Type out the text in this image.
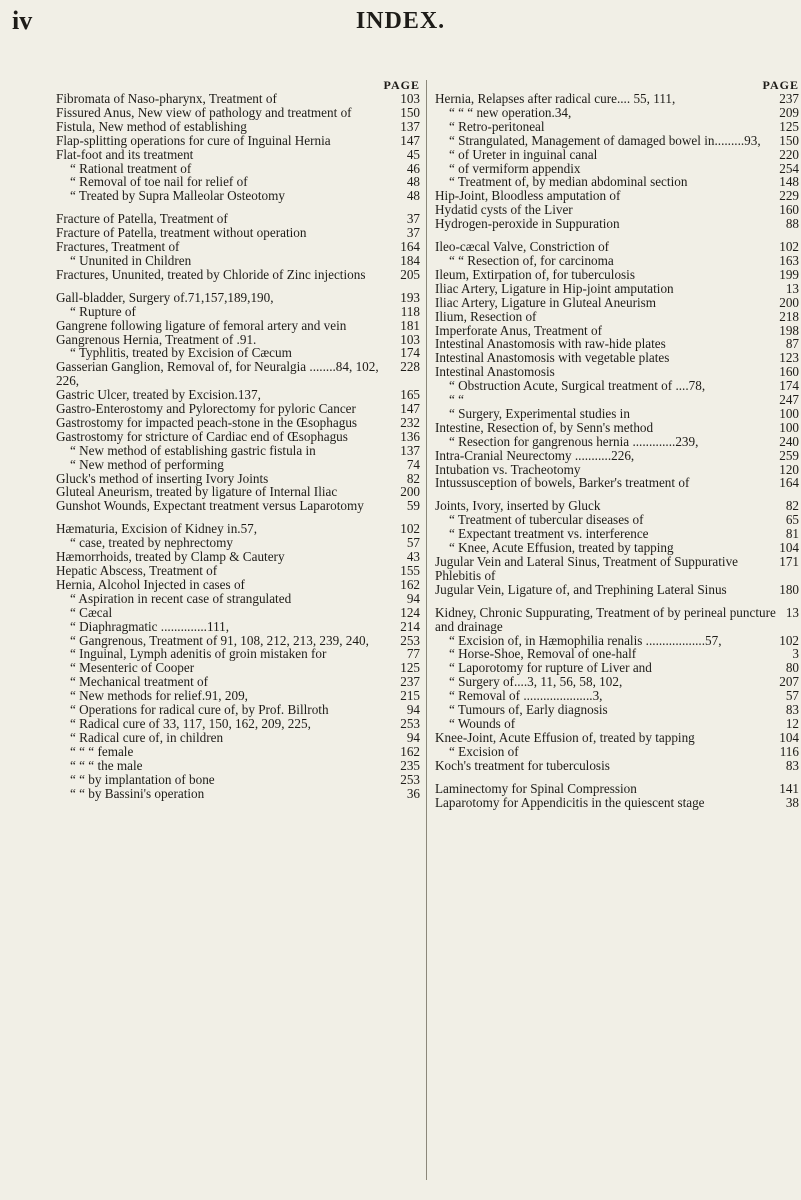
iv	INDEX.
PAGE
103
Fibromata of Naso-pharynx, Treatment of
150
Fissured Anus, New view of pathology and treatment of
137
Fistula, New method of establishing
147
Flap-splitting operations for cure of Inguinal Hernia
45
Flat-foot and its treatment
46
“ Rational treatment of
48
“ Removal of toe nail for relief of
48
“ Treated by Supra Malleolar Osteotomy
37
Fracture of Patella, Treatment of
37
Fracture of Patella, treatment without operation
164
Fractures, Treatment of
184
“ Ununited in Children
205
Fractures, Ununited, treated by Chloride of Zinc injections
193
Gall-bladder, Surgery of.71,157,189,190,
118
“ Rupture of
181
Gangrene following ligature of femoral artery and vein
103
Gangrenous Hernia, Treatment of .91.
174
“ Typhlitis, treated by Excision of Cæcum
228
Gasserian Ganglion, Removal of, for Neuralgia ........84, 102, 226,
165
Gastric Ulcer, treated by Excision.137,
147
Gastro-Enterostomy and Pylorectomy for pyloric Cancer
232
Gastrostomy for impacted peach-stone in the Œsophagus
136
Gastrostomy for stricture of Cardiac end of Œsophagus
137
“ New method of establishing gastric fistula in
74
“ New method of performing
82
Gluck's method of inserting Ivory Joints
200
Gluteal Aneurism, treated by ligature of Internal Iliac
59
Gunshot Wounds, Expectant treatment versus Laparotomy
102
Hæmaturia, Excision of Kidney in.57,
57
“ case, treated by nephrectomy
43
Hæmorrhoids, treated by Clamp & Cautery
155
Hepatic Abscess, Treatment of
162
Hernia, Alcohol Injected in cases of
94
“ Aspiration in recent case of strangulated
124
“ Cæcal
214
“ Diaphragmatic ..............111,
253
“ Gangrenous, Treatment of 91, 108, 212, 213, 239, 240,
77
“ Inguinal, Lymph adenitis of groin mistaken for
125
“ Mesenteric of Cooper
237
“ Mechanical treatment of
215
“ New methods for relief.91, 209,
94
“ Operations for radical cure of, by Prof. Billroth
253
“ Radical cure of 33, 117, 150, 162, 209, 225,
94
“ Radical cure of, in children
162
“ “ “ female
235
“ “ “ the male
253
“ “ by implantation of bone
36
“ “ by Bassini's operation
PAGE
237
Hernia, Relapses after radical cure.... 55, 111,
209
“ “ “ new operation.34,
125
“ Retro-peritoneal
150
“ Strangulated, Management of damaged bowel in.........93,
220
“ of Ureter in inguinal canal
254
“ of vermiform appendix
148
“ Treatment of, by median abdominal section
229
Hip-Joint, Bloodless amputation of
160
Hydatid cysts of the Liver
88
Hydrogen-peroxide in Suppuration
102
Ileo-cæcal Valve, Constriction of
163
“ “ Resection of, for carcinoma
199
Ileum, Extirpation of, for tuberculosis
13
Iliac Artery, Ligature in Hip-joint amputation
200
Iliac Artery, Ligature in Gluteal Aneurism
218
Ilium, Resection of
198
Imperforate Anus, Treatment of
87
Intestinal Anastomosis with raw-hide plates
123
Intestinal Anastomosis with vegetable plates
160
Intestinal Anastomosis
174
“ Obstruction Acute, Surgical treatment of ....78,
247
“ “
100
“ Surgery, Experimental studies in
100
Intestine, Resection of, by Senn's method
240
“ Resection for gangrenous hernia .............239,
259
Intra-Cranial Neurectomy ...........226,
120
Intubation vs. Tracheotomy
164
Intussusception of bowels, Barker's treatment of
82
Joints, Ivory, inserted by Gluck
65
“ Treatment of tubercular diseases of
81
“ Expectant treatment vs. interference
104
“ Knee, Acute Effusion, treated by tapping
171
Jugular Vein and Lateral Sinus, Treatment of Suppurative Phlebitis of
180
Jugular Vein, Ligature of, and Trephining Lateral Sinus
13
Kidney, Chronic Suppurating, Treatment of by perineal puncture and drainage
102
“ Excision of, in Hæmophilia renalis ..................57,
3
“ Horse-Shoe, Removal of one-half
80
“ Laporotomy for rupture of Liver and
207
“ Surgery of....3, 11, 56, 58, 102,
57
“ Removal of .....................3,
83
“ Tumours of, Early diagnosis
12
“ Wounds of
104
Knee-Joint, Acute Effusion of, treated by tapping
116
“ Excision of
83
Koch's treatment for tuberculosis
141
Laminectomy for Spinal Compression
38
Laparotomy for Appendicitis in the quiescent stage
